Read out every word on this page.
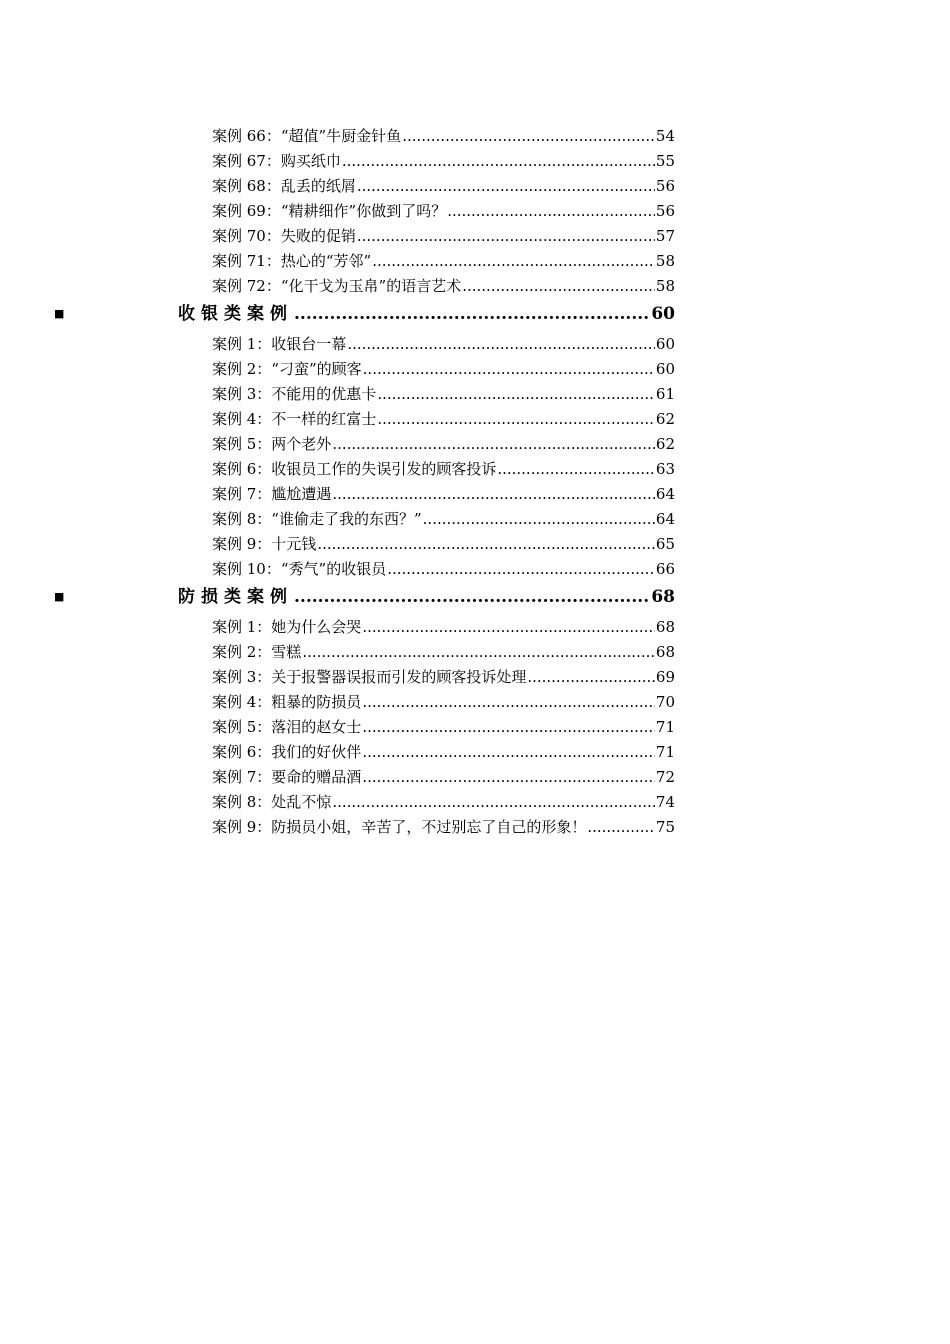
案例 66：“超值”牛厨金针鱼 .....	54
案例 67：购买纸巾 .....	55
案例 68：乱丢的纸屑 .....	56
案例 69：“精耕细作”你做到了吗？ .....	56
案例 70：失败的促销 .....	57
案例 71：热心的“芳邻” .....	58
案例 72：“化干戈为玉帛”的语言艺术 .....	58
■	收银类案例 .....	60
案例 1：收银台一幕 .....	60
案例 2：“刁蛮”的顾客 .....	60
案例 3：不能用的优惠卡 .....	61
案例 4：不一样的红富士 .....	62
案例 5：两个老外 .....	62
案例 6：收银员工作的失误引发的顾客投诉 .....	63
案例 7：尴尬遭遇 .....	64
案例 8：“谁偷走了我的东西？” .....	64
案例 9：十元钱 .....	65
案例 10：“秀气”的收银员 .....	66
■	防损类案例 .....	68
案例 1：她为什么会哭 .....	68
案例 2：雪糕 .....	68
案例 3：关于报警器误报而引发的顾客投诉处理 .....	69
案例 4：粗暴的防损员 .....	70
案例 5：落泪的赵女士 .....	71
案例 6：我们的好伙伴 .....	71
案例 7：要命的赠品酒 .....	72
案例 8：处乱不惊 .....	74
案例 9：防损员小姐，辛苦了，不过别忘了自己的形象！ .....	75
